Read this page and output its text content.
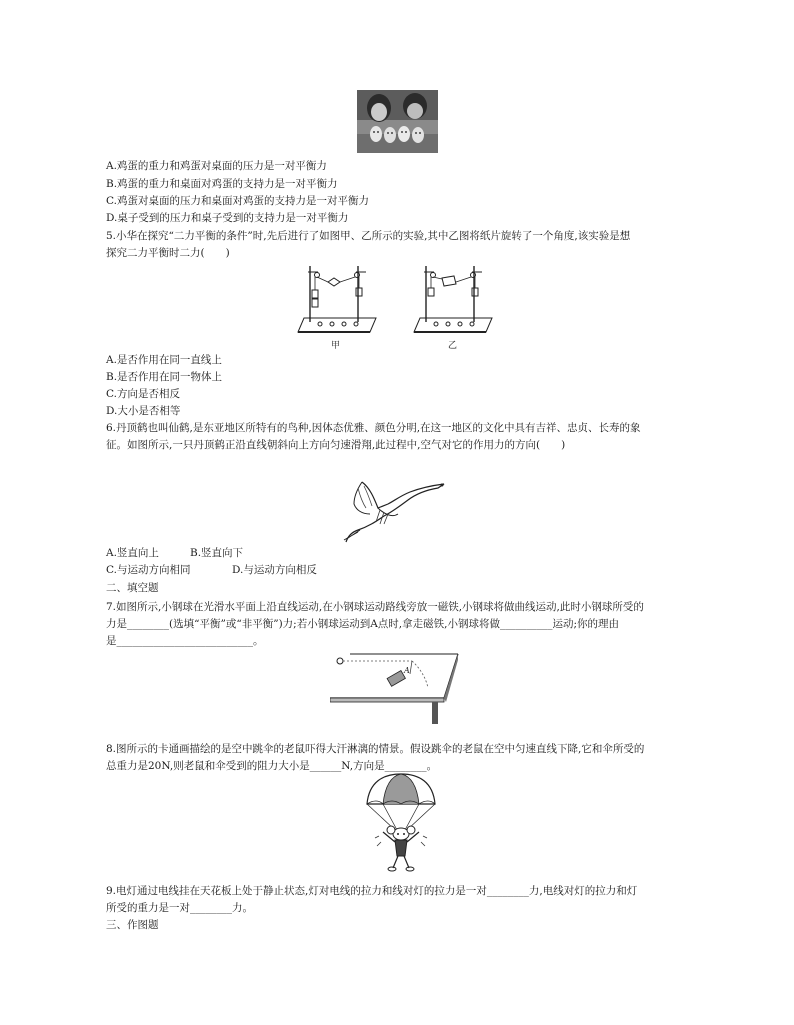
A.鸡蛋的重力和鸡蛋对桌面的压力是一对平衡力
B.鸡蛋的重力和桌面对鸡蛋的支持力是一对平衡力
C.鸡蛋对桌面的压力和桌面对鸡蛋的支持力是一对平衡力
D.桌子受到的压力和桌子受到的支持力是一对平衡力
5.小华在探究“二力平衡的条件”时,先后进行了如图甲、乙所示的实验,其中乙图将纸片旋转了一个角度,该实验是想
探究二力平衡时二力(　　)
甲	乙
A.是否作用在同一直线上
B.是否作用在同一物体上
C.方向是否相反
D.大小是否相等
6.丹顶鹤也叫仙鹤,是东亚地区所特有的鸟种,因体态优雅、颜色分明,在这一地区的文化中具有吉祥、忠贞、长寿的象
征。如图所示,一只丹顶鹤正沿直线朝斜向上方向匀速滑翔,此过程中,空气对它的作用力的方向(　　)
A.竖直向上	B.竖直向下
C.与运动方向相同	D.与运动方向相反
二、填空题
7.如图所示,小钢球在光滑水平面上沿直线运动,在小钢球运动路线旁放一磁铁,小钢球将做曲线运动,此时小钢球所受的
力是________(选填“平衡”或“非平衡”)力;若小钢球运动到A点时,拿走磁铁,小钢球将做__________运动;你的理由
是__________________________。
A
8.图所示的卡通画描绘的是空中跳伞的老鼠吓得大汗淋漓的情景。假设跳伞的老鼠在空中匀速直线下降,它和伞所受的
总重力是20N,则老鼠和伞受到的阻力大小是______N,方向是________。
9.电灯通过电线挂在天花板上处于静止状态,灯对电线的拉力和线对灯的拉力是一对________力,电线对灯的拉力和灯
所受的重力是一对________力。
三、作图题
